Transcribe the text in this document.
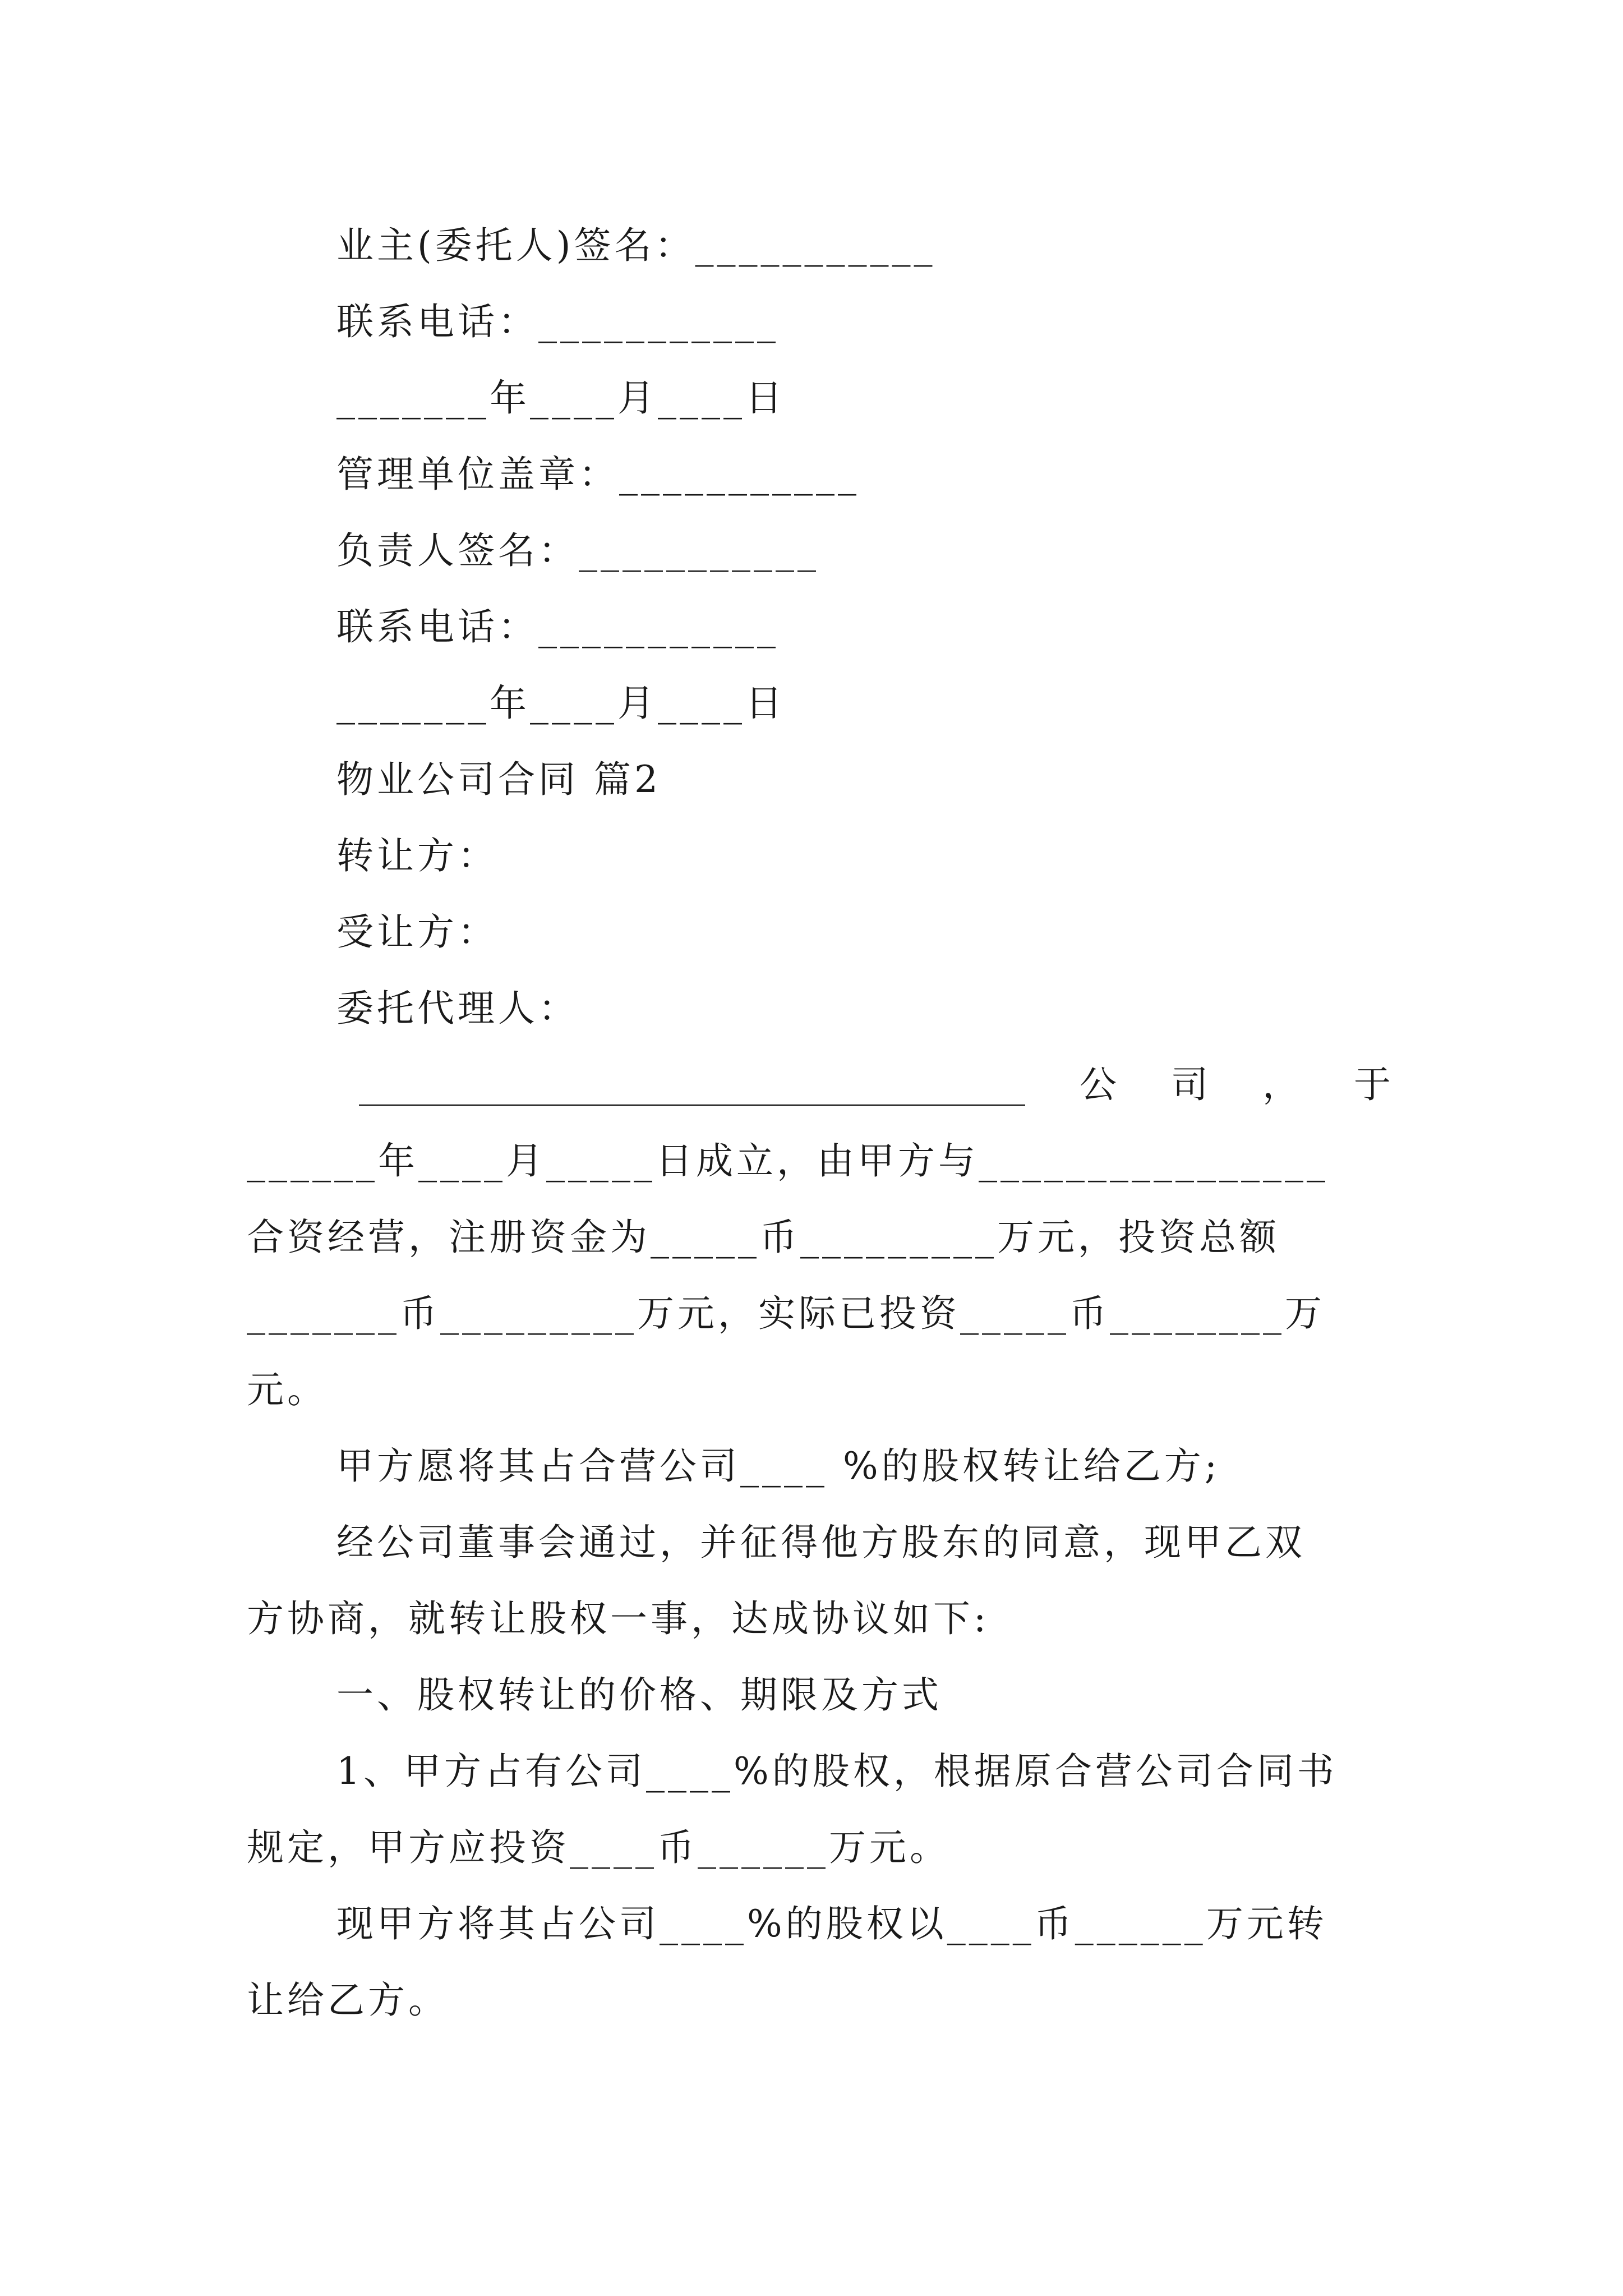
业主(委托人)签名：___________
联系电话：___________
_______年____月____日
管理单位盖章：___________
负责人签名：___________
联系电话：___________
_______年____月____日
物业公司合同 篇2
转让方：
受让方：
委托代理人：
____________________________________ 公 司 ， 于
______年____月_____日成立，由甲方与________________
合资经营，注册资金为_____币_________万元，投资总额
_______币_________万元，实际已投资_____币________万
元。
甲方愿将其占合营公司____ %的股权转让给乙方;
经公司董事会通过，并征得他方股东的同意，现甲乙双
方协商，就转让股权一事，达成协议如下:
一、股权转让的价格、期限及方式
1、甲方占有公司____%的股权，根据原合营公司合同书
规定，甲方应投资____币______万元。
现甲方将其占公司____%的股权以____币______万元转
让给乙方。
